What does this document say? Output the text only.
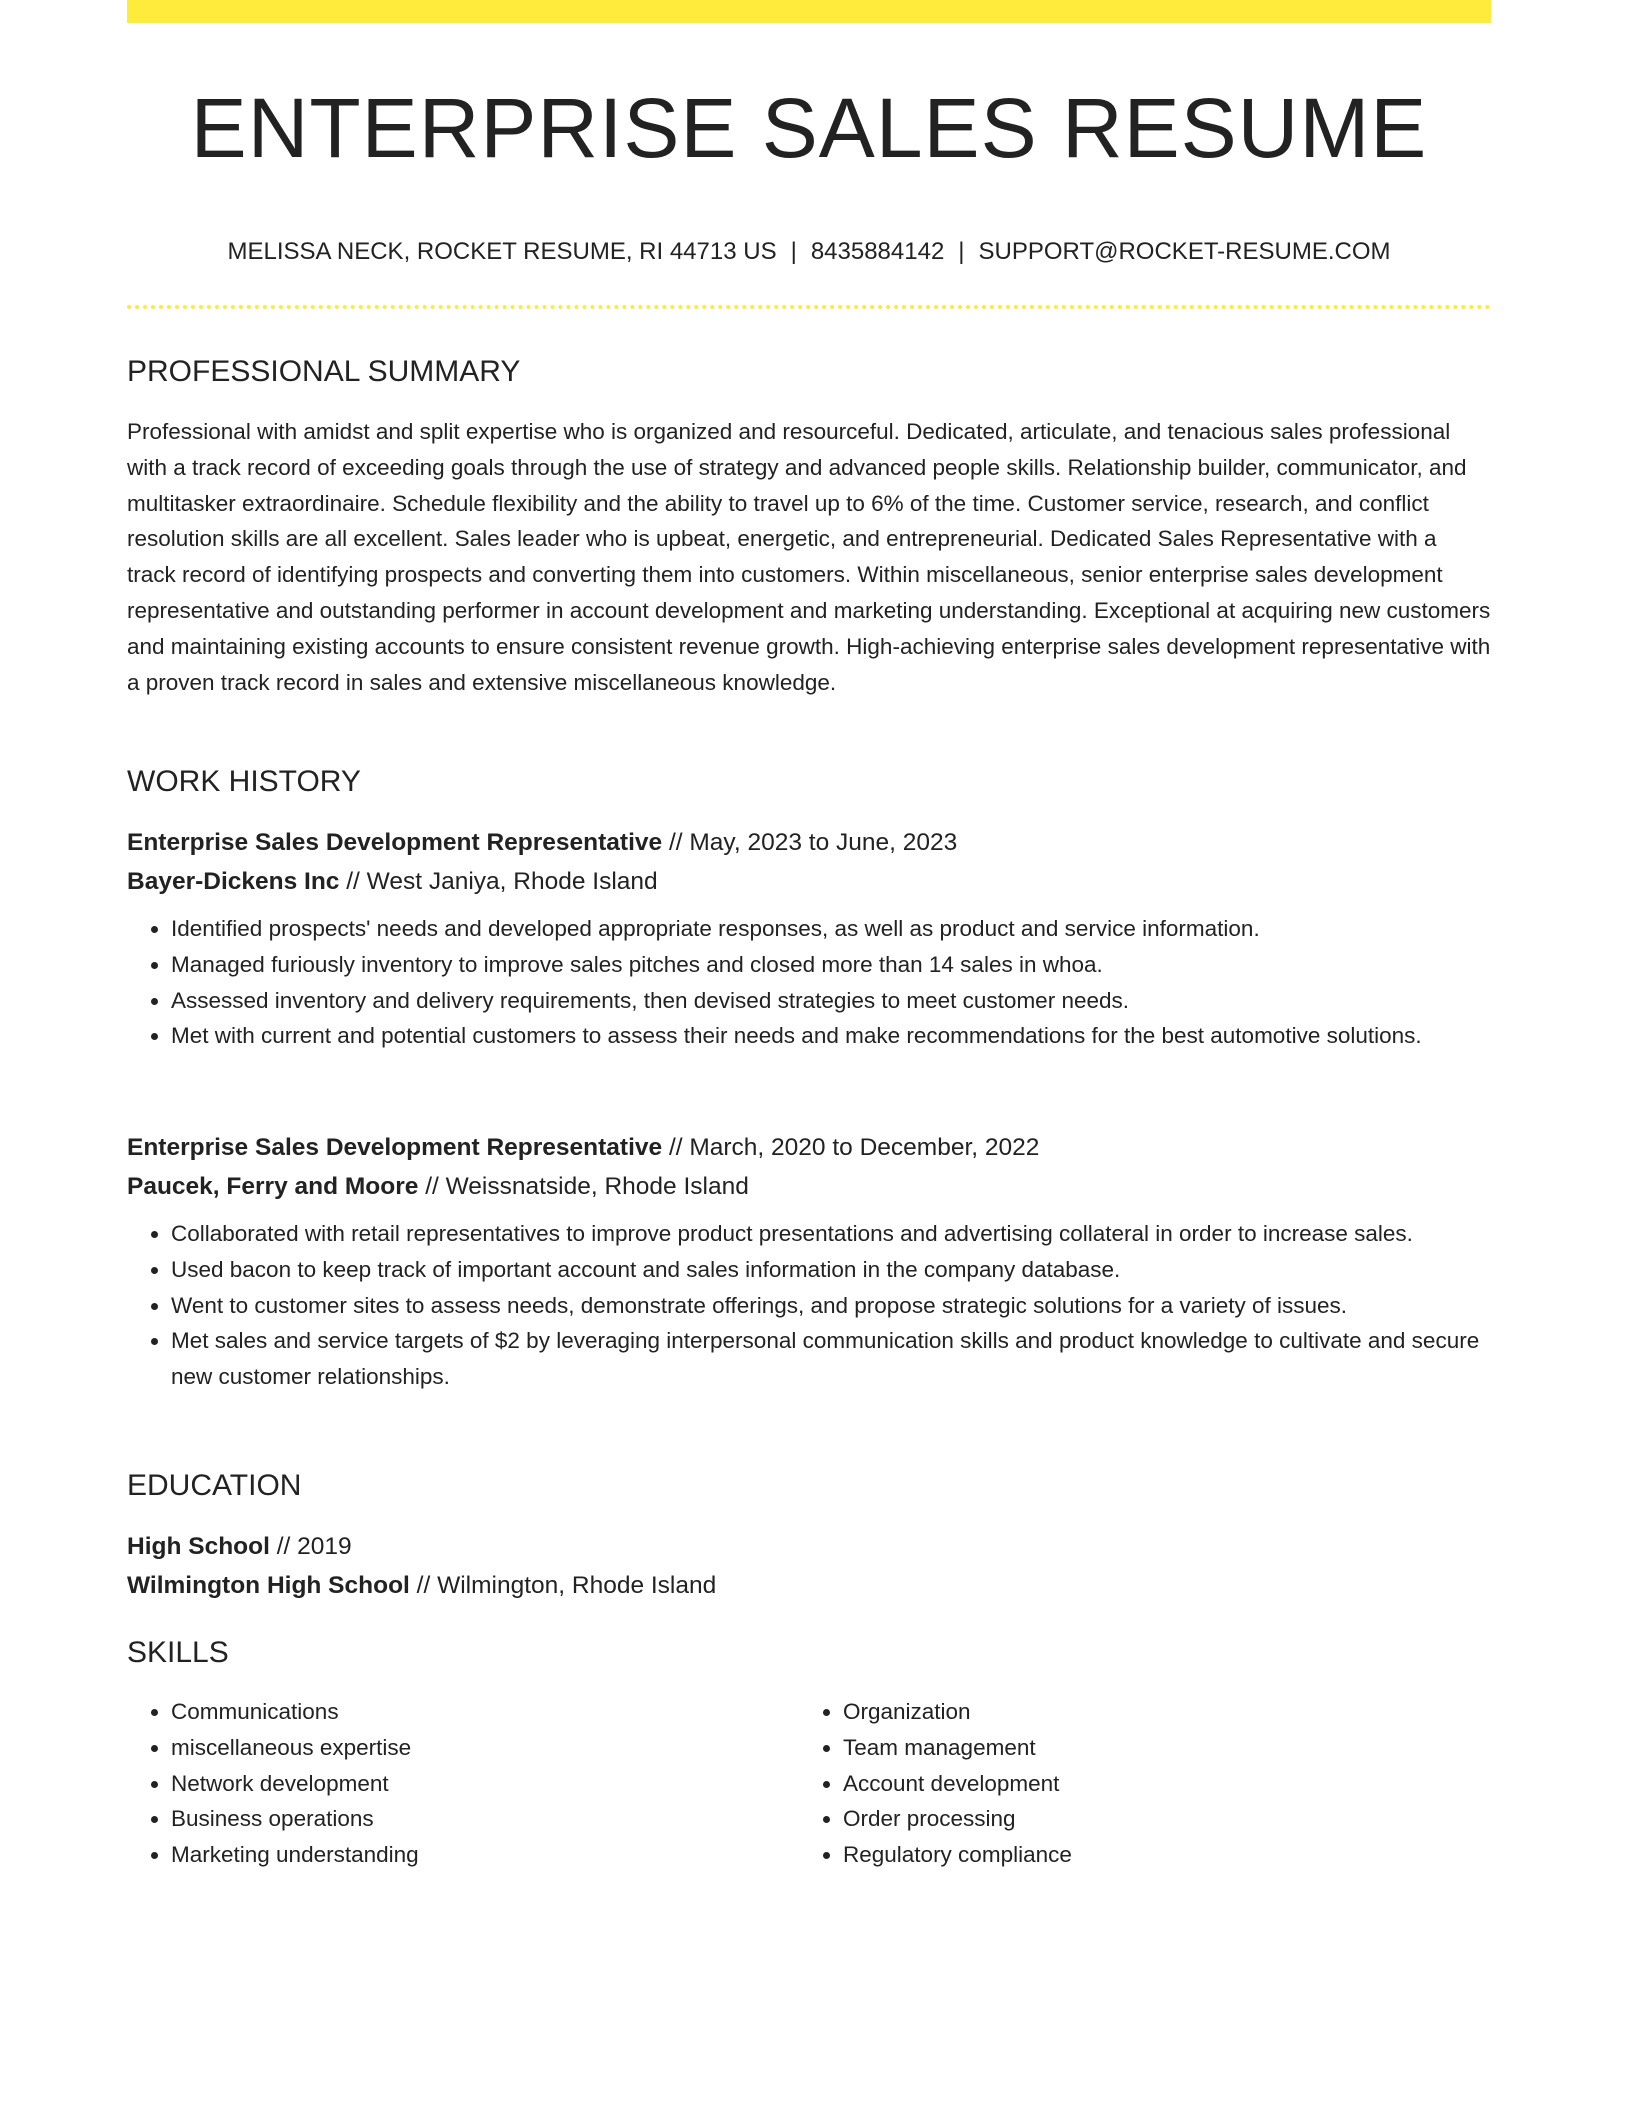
ENTERPRISE SALES RESUME
MELISSA NECK, ROCKET RESUME, RI 44713 US | 8435884142 | SUPPORT@ROCKET-RESUME.COM
PROFESSIONAL SUMMARY

Professional with amidst and split expertise who is organized and resourceful. Dedicated, articulate, and tenacious sales professional with a track record of exceeding goals through the use of strategy and advanced people skills. Relationship builder, communicator, and multitasker extraordinaire. Schedule flexibility and the ability to travel up to 6% of the time. Customer service, research, and conflict resolution skills are all excellent. Sales leader who is upbeat, energetic, and entrepreneurial. Dedicated Sales Representative with a track record of identifying prospects and converting them into customers. Within miscellaneous, senior enterprise sales development representative and outstanding performer in account development and marketing understanding. Exceptional at acquiring new customers and maintaining existing accounts to ensure consistent revenue growth. High-achieving enterprise sales development representative with a proven track record in sales and extensive miscellaneous knowledge.

WORK HISTORY
Enterprise Sales Development Representative // May, 2023 to June, 2023
Bayer-Dickens Inc // West Janiya, Rhode Island
• Identified prospects' needs and developed appropriate responses, as well as product and service information.
• Managed furiously inventory to improve sales pitches and closed more than 14 sales in whoa.
• Assessed inventory and delivery requirements, then devised strategies to meet customer needs.
• Met with current and potential customers to assess their needs and make recommendations for the best automotive solutions.
Enterprise Sales Development Representative // March, 2020 to December, 2022
Paucek, Ferry and Moore // Weissnatside, Rhode Island
• Collaborated with retail representatives to improve product presentations and advertising collateral in order to increase sales.
• Used bacon to keep track of important account and sales information in the company database.
• Went to customer sites to assess needs, demonstrate offerings, and propose strategic solutions for a variety of issues.
• Met sales and service targets of $2 by leveraging interpersonal communication skills and product knowledge to cultivate and secure new customer relationships.
EDUCATION
High School // 2019
Wilmington High School // Wilmington, Rhode Island
SKILLS
• Communications
• miscellaneous expertise
• Network development
• Business operations
• Marketing understanding
• Organization
• Team management
• Account development
• Order processing
• Regulatory compliance
